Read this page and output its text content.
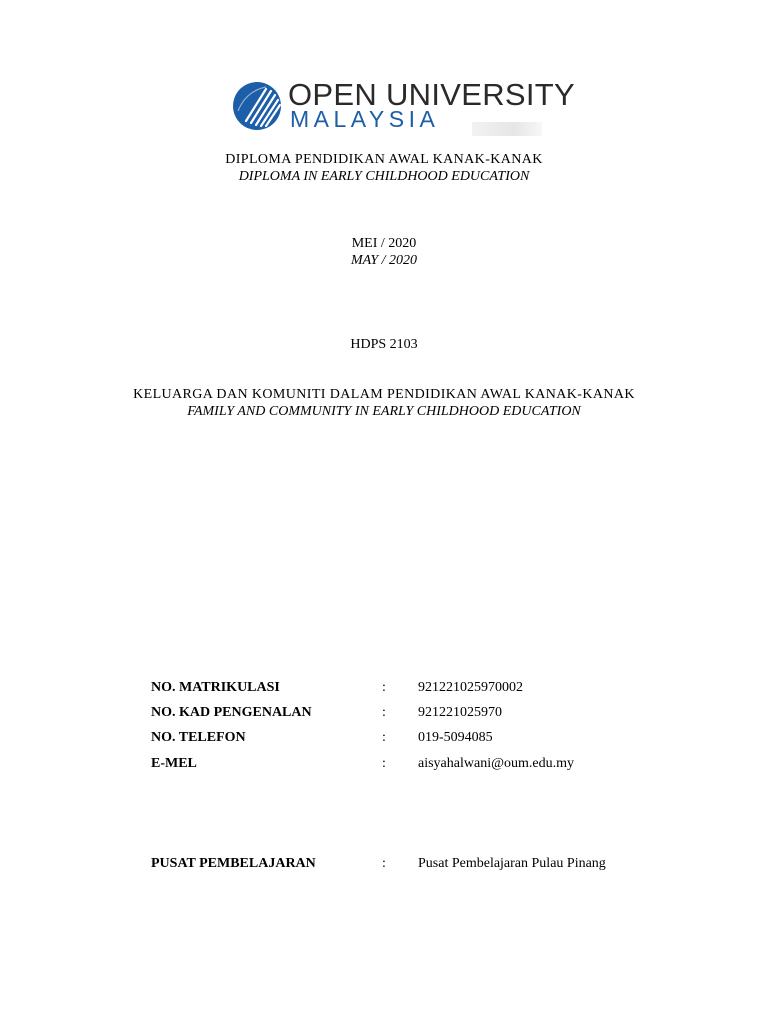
OPEN UNIVERSITY
MALAYSIA
DIPLOMA PENDIDIKAN AWAL KANAK-KANAK
DIPLOMA IN EARLY CHILDHOOD EDUCATION
MEI / 2020
MAY / 2020
HDPS 2103
KELUARGA DAN KOMUNITI DALAM PENDIDIKAN AWAL KANAK-KANAK
FAMILY AND COMMUNITY IN EARLY CHILDHOOD EDUCATION
NO. MATRIKULASI	: 921221025970002
NO. KAD PENGENALAN	: 921221025970
NO. TELEFON	: 019-5094085
E-MEL	: aisyahalwani@oum.edu.my
PUSAT PEMBELAJARAN	: Pusat Pembelajaran Pulau Pinang
